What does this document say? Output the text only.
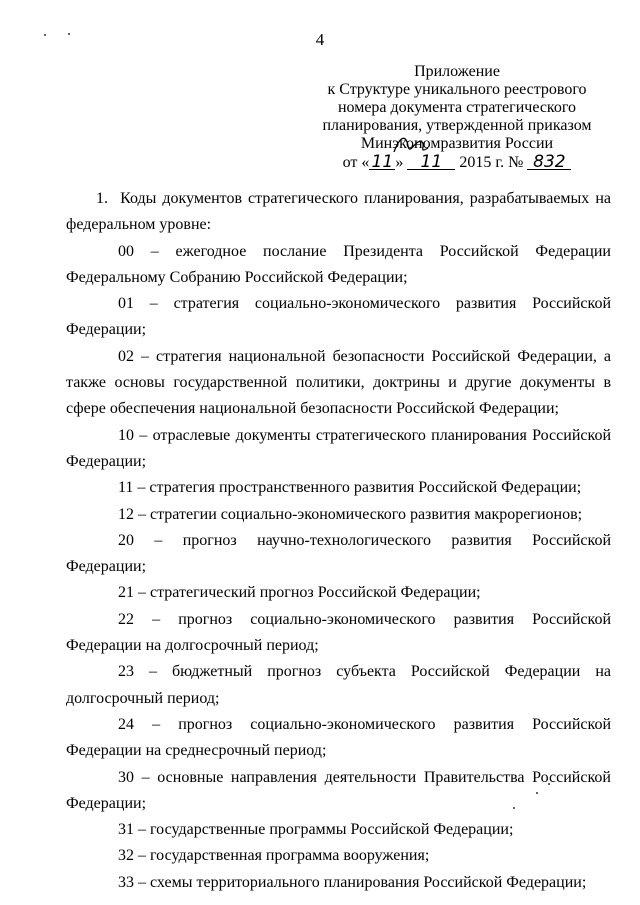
4
Приложение
к Структуре уникального реестрового
номера документа стратегического
планирования, утвержденной приказом
Минэкономразвития России
от « 11 » 11 2015 г. № 832

1. Коды документов стратегического планирования, разрабатываемых на федеральном уровне:

00 – ежегодное послание Президента Российской Федерации Федеральному Собранию Российской Федерации;

01 – стратегия социально-экономического развития Российской Федерации;

02 – стратегия национальной безопасности Российской Федерации, а также основы государственной политики, доктрины и другие документы в сфере обеспечения национальной безопасности Российской Федерации;

10 – отраслевые документы стратегического планирования Российской Федерации;

11 – стратегия пространственного развития Российской Федерации;

12 – стратегии социально-экономического развития макрорегионов;

20 – прогноз научно-технологического развития Российской Федерации;

21 – стратегический прогноз Российской Федерации;

22 – прогноз социально-экономического развития Российской Федерации на долгосрочный период;

23 – бюджетный прогноз субъекта Российской Федерации на долгосрочный период;

24 – прогноз социально-экономического развития Российской Федерации на среднесрочный период;

30 – основные направления деятельности Правительства Российской Федерации;

31 – государственные программы Российской Федерации;

32 – государственная программа вооружения;

33 – схемы территориального планирования Российской Федерации;
